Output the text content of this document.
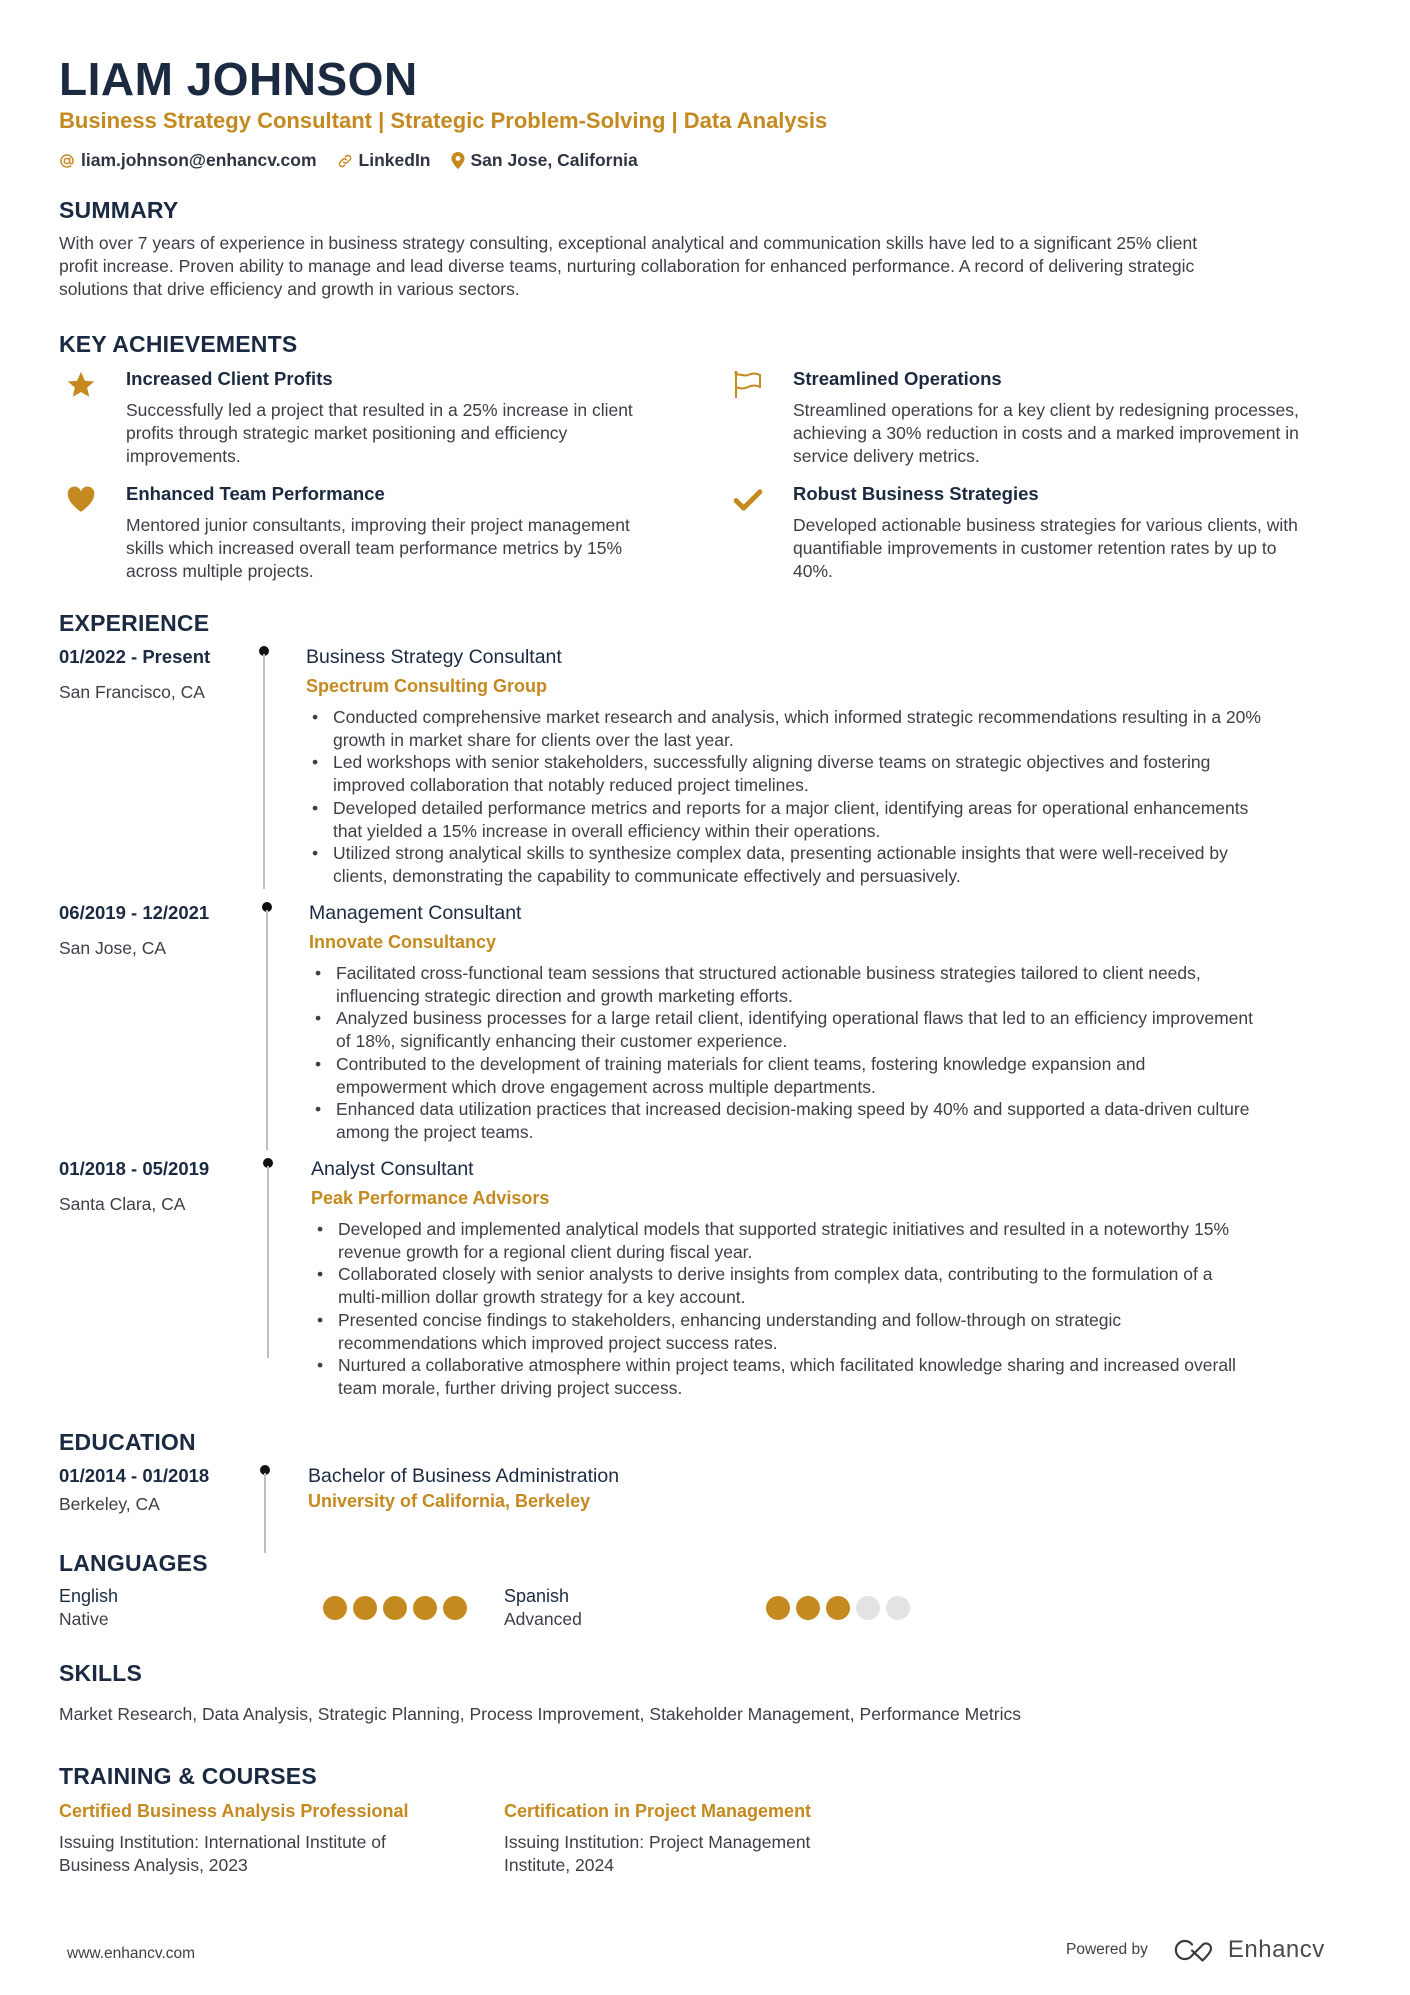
LIAM JOHNSON
Business Strategy Consultant | Strategic Problem-Solving | Data Analysis
liam.johnson@enhancv.com LinkedIn San Jose, California
SUMMARY
With over 7 years of experience in business strategy consulting, exceptional analytical and communication skills have led to a significant 25% client
profit increase. Proven ability to manage and lead diverse teams, nurturing collaboration for enhanced performance. A record of delivering strategic
solutions that drive efficiency and growth in various sectors.
KEY ACHIEVEMENTS
Increased Client Profits
Successfully led a project that resulted in a 25% increase in client
profits through strategic market positioning and efficiency
improvements.
Streamlined Operations
Streamlined operations for a key client by redesigning processes,
achieving a 30% reduction in costs and a marked improvement in
service delivery metrics.
Enhanced Team Performance
Mentored junior consultants, improving their project management
skills which increased overall team performance metrics by 15%
across multiple projects.
Robust Business Strategies
Developed actionable business strategies for various clients, with
quantifiable improvements in customer retention rates by up to
40%.
EXPERIENCE
01/2022 - Present
San Francisco, CA
Business Strategy Consultant
Spectrum Consulting Group
• Conducted comprehensive market research and analysis, which informed strategic recommendations resulting in a 20%
growth in market share for clients over the last year.
• Led workshops with senior stakeholders, successfully aligning diverse teams on strategic objectives and fostering
improved collaboration that notably reduced project timelines.
• Developed detailed performance metrics and reports for a major client, identifying areas for operational enhancements
that yielded a 15% increase in overall efficiency within their operations.
• Utilized strong analytical skills to synthesize complex data, presenting actionable insights that were well-received by
clients, demonstrating the capability to communicate effectively and persuasively.
06/2019 - 12/2021
San Jose, CA
Management Consultant
Innovate Consultancy
• Facilitated cross-functional team sessions that structured actionable business strategies tailored to client needs,
influencing strategic direction and growth marketing efforts.
• Analyzed business processes for a large retail client, identifying operational flaws that led to an efficiency improvement
of 18%, significantly enhancing their customer experience.
• Contributed to the development of training materials for client teams, fostering knowledge expansion and
empowerment which drove engagement across multiple departments.
• Enhanced data utilization practices that increased decision-making speed by 40% and supported a data-driven culture
among the project teams.
01/2018 - 05/2019
Santa Clara, CA
Analyst Consultant
Peak Performance Advisors
• Developed and implemented analytical models that supported strategic initiatives and resulted in a noteworthy 15%
revenue growth for a regional client during fiscal year.
• Collaborated closely with senior analysts to derive insights from complex data, contributing to the formulation of a
multi-million dollar growth strategy for a key account.
• Presented concise findings to stakeholders, enhancing understanding and follow-through on strategic
recommendations which improved project success rates.
• Nurtured a collaborative atmosphere within project teams, which facilitated knowledge sharing and increased overall
team morale, further driving project success.
EDUCATION
01/2014 - 01/2018
Berkeley, CA
Bachelor of Business Administration
University of California, Berkeley
LANGUAGES
English
Native
Spanish
Advanced
SKILLS
Market Research, Data Analysis, Strategic Planning, Process Improvement, Stakeholder Management, Performance Metrics
TRAINING & COURSES
Certified Business Analysis Professional
Issuing Institution: International Institute of
Business Analysis, 2023
Certification in Project Management
Issuing Institution: Project Management
Institute, 2024
www.enhancv.com	Powered by	Enhancv
